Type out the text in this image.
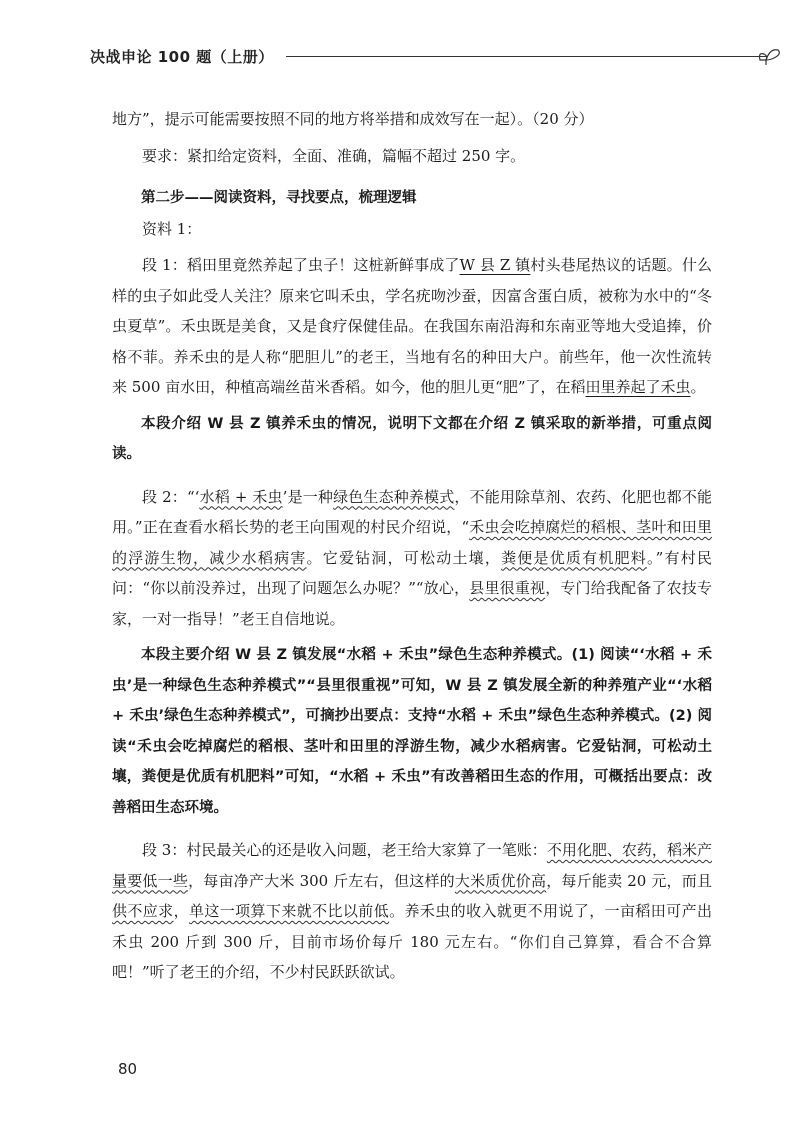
决战申论 100 题（上册）

地方”，提示可能需要按照不同的地方将举措和成效写在一起）。（20 分）

要求：紧扣给定资料，全面、准确，篇幅不超过 250 字。

第二步——阅读资料，寻找要点，梳理逻辑

资料 1：

段 1：稻田里竟然养起了虫子！这桩新鲜事成了W 县 Z 镇村头巷尾热议的话题。什么样的虫子如此受人关注？原来它叫禾虫，学名疣吻沙蚕，因富含蛋白质，被称为水中的“冬虫夏草”。禾虫既是美食，又是食疗保健佳品。在我国东南沿海和东南亚等地大受追捧，价格不菲。养禾虫的是人称“肥胆儿”的老王，当地有名的种田大户。前些年，他一次性流转来 500 亩水田，种植高端丝苗米香稻。如今，他的胆儿更“肥”了，在稻田里养起了禾虫。

本段介绍 W 县 Z 镇养禾虫的情况，说明下文都在介绍 Z 镇采取的新举措，可重点阅读。

段 2：“‘水稻 + 禾虫’是一种绿色生态种养模式，不能用除草剂、农药、化肥也都不能用。”正在查看水稻长势的老王向围观的村民介绍说，“禾虫会吃掉腐烂的稻根、茎叶和田里的浮游生物，减少水稻病害。它爱钻洞，可松动土壤，粪便是优质有机肥料。”有村民问：“你以前没养过，出现了问题怎么办呢？”“放心，县里很重视，专门给我配备了农技专家，一对一指导！”老王自信地说。

本段主要介绍 W 县 Z 镇发展“水稻 + 禾虫”绿色生态种养模式。(1) 阅读“‘水稻 + 禾虫’是一种绿色生态种养模式”“县里很重视”可知，W 县 Z 镇发展全新的种养殖产业“‘水稻 + 禾虫’绿色生态种养模式”，可摘抄出要点：支持“水稻 + 禾虫”绿色生态种养模式。(2) 阅读“禾虫会吃掉腐烂的稻根、茎叶和田里的浮游生物，减少水稻病害。它爱钻洞，可松动土壤，粪便是优质有机肥料”可知，“水稻 + 禾虫”有改善稻田生态的作用，可概括出要点：改善稻田生态环境。

段 3：村民最关心的还是收入问题，老王给大家算了一笔账：不用化肥、农药，稻米产量要低一些，每亩净产大米 300 斤左右，但这样的大米质优价高，每斤能卖 20 元，而且供不应求，单这一项算下来就不比以前低。养禾虫的收入就更不用说了，一亩稻田可产出禾虫 200 斤到 300 斤，目前市场价每斤 180 元左右。“你们自己算算，看合不合算吧！”听了老王的介绍，不少村民跃跃欲试。

80
